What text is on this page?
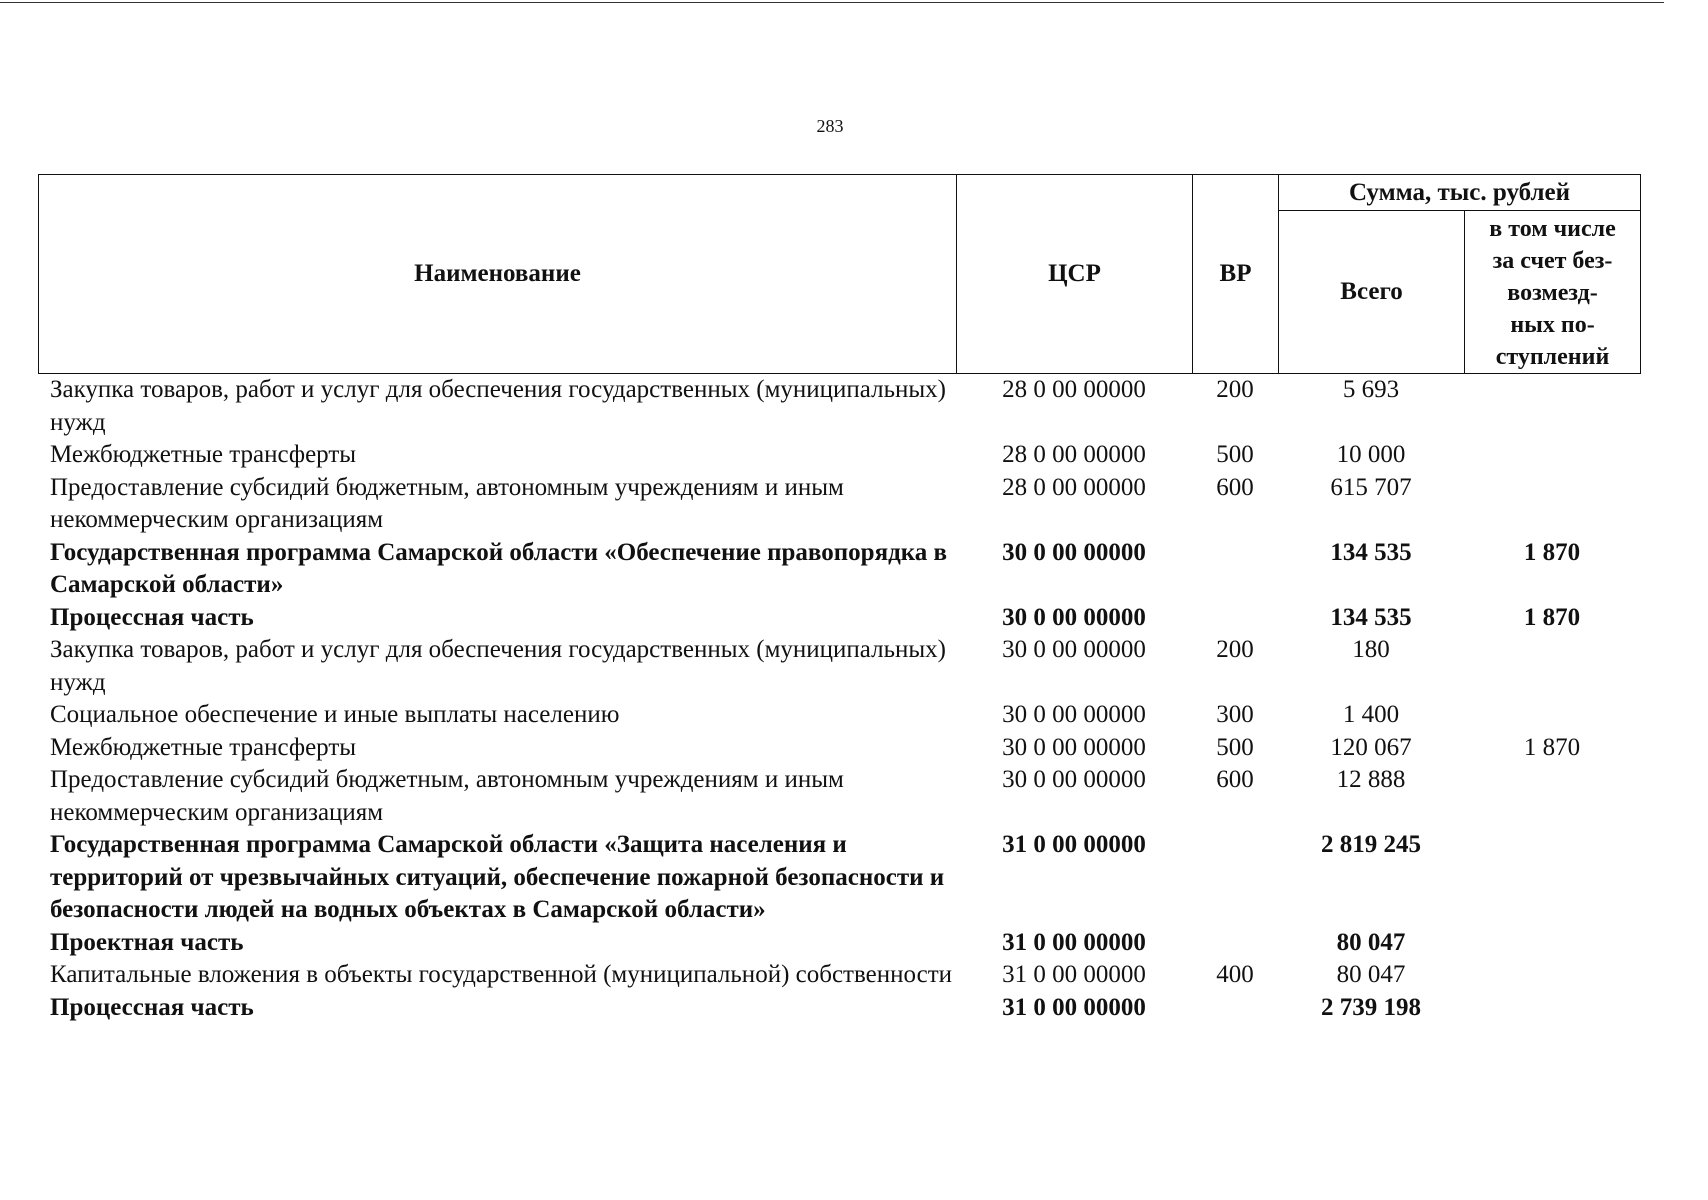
283
Наименование	ЦСР	ВР	Сумма, тыс. рублей	
			Всего	в том числе
за счет без-
возмезд-
ных по-
ступлений
Закупка товаров, работ и услуг для обеспечения государственных (муниципальных) нужд	28 0 00 00000	200	5 693	
Межбюджетные трансферты	28 0 00 00000	500	10 000	
Предоставление субсидий бюджетным, автономным учреждениям и иным некоммерческим организациям	28 0 00 00000	600	615 707	
Государственная программа Самарской области «Обеспечение правопорядка в Самарской области»	30 0 00 00000		134 535	1 870
Процессная часть	30 0 00 00000		134 535	1 870
Закупка товаров, работ и услуг для обеспечения государственных (муниципальных) нужд	30 0 00 00000	200	180	
Социальное обеспечение и иные выплаты населению	30 0 00 00000	300	1 400	
Межбюджетные трансферты	30 0 00 00000	500	120 067	1 870
Предоставление субсидий бюджетным, автономным учреждениям и иным некоммерческим организациям	30 0 00 00000	600	12 888	
Государственная программа Самарской области «Защита населения и территорий от чрезвычайных ситуаций, обеспечение пожарной безопасности и безопасности людей на водных объектах в Самарской области»	31 0 00 00000		2 819 245	
Проектная часть	31 0 00 00000		80 047	
Капитальные вложения в объекты государственной (муниципальной) собственности	31 0 00 00000	400	80 047	
Процессная часть	31 0 00 00000		2 739 198	
